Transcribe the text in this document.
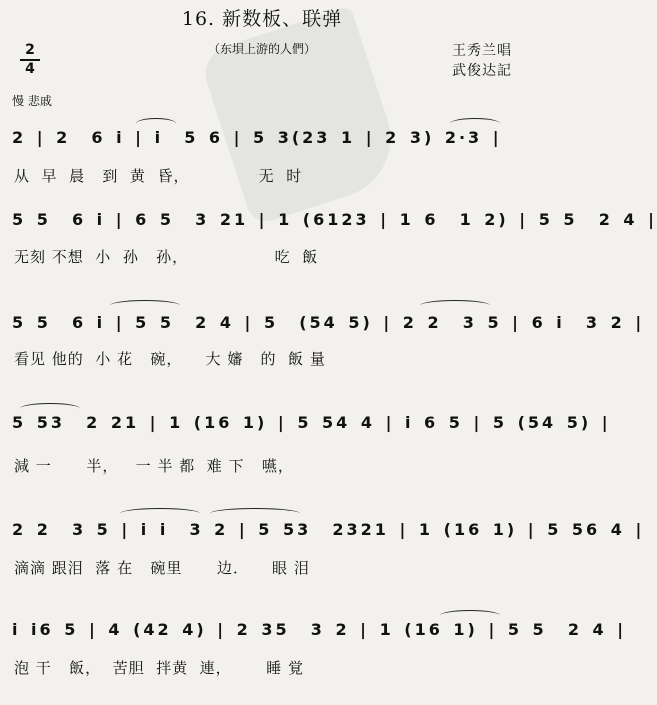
16. 新数板、联弹
（东垻上游的人們）	王秀兰唱
武俊达記
2
4
慢 悲戚
2 | 2  6 i | i  5 6 | 5 3(23 1 | 2 3) 2·3 |
从  早  晨   到  黄  昏，            无  时
5 5  6 i | 6 5  3 21 | 1 (6123 | 1 6  1 2) | 5 5  2 4 |
无刻 不想  小  孙   孙，               吃  飯
5 5  6 i | 5 5  2 4 | 5  (54 5) | 2 2  3 5 | 6 i  3 2 |
看见 他的  小 花   碗，    大 嬸   的  飯 量
5 53  2 21 | 1 (16 1) | 5 54 4 | i 6 5 | 5 (54 5) |
減 一      半，   一 半 都  难 下   嚥，
2 2  3 5 | i i  3 2 | 5 53  2321 | 1 (16 1) | 5 56 4 |
滴滴 跟泪  落 在   碗里      边．    眼 泪
i i6 5 | 4 (42 4) | 2 35  3 2 | 1 (16 1) | 5 5  2 4 |
泡 干   飯，  苦胆  拌黄  連，      睡 覚
